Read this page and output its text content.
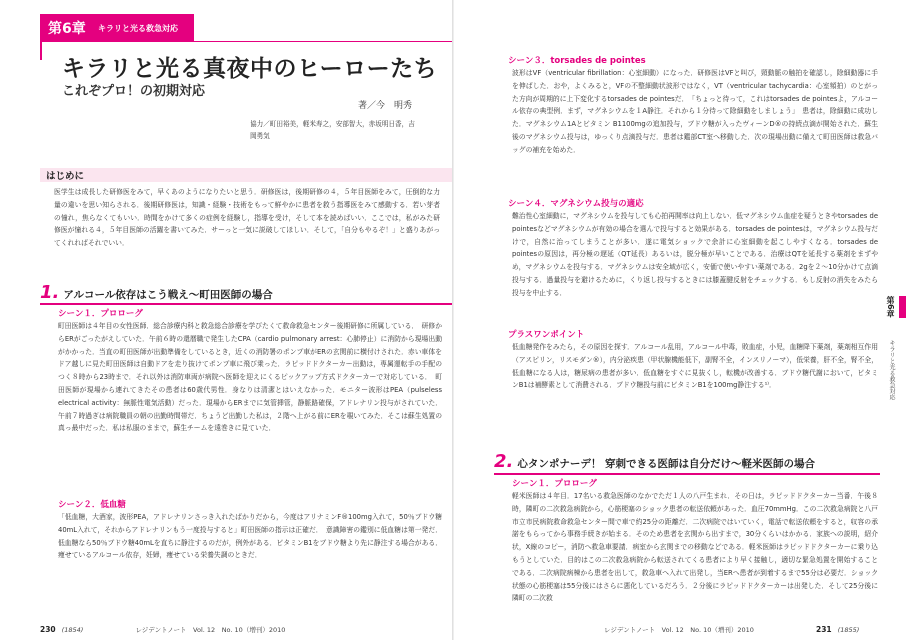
第6章	キラリと光る救急対応
キラリと光る真夜中のヒーローたち
これぞプロ！の初期対応
著／今　明秀
協力／町田裕美，軽米寿之，安部智大，赤坂明日香，吉岡勇気
はじめに

医学生は成長した研修医をみて，早くあのようになりたいと思う．研修医は，後期研修の４，５年目医師をみて，圧倒的な力量の違いを思い知らされる．後期研修医は，知識・経験・技術をもって鮮やかに患者を救う指導医をみて感動する．若い芽者の憧れ，焦らなくてもいい．時間をかけて多くの症例を経験し，指導を受け，そして本を読めばいい．ここでは，私がみた研修医が憧れる４，５年目医師の活躍を書いてみた．サーっと一気に説破してほしい．そして，「自分もやるぞ！」と盛りあがってくれればそれでいい．

1. アルコール依存はこう戦え～町田医師の場合
シーン１．プロローグ

町田医師は４年目の女性医師．総合診療内科と救急総合診療を学びたくて救命救急センター後期研修に所属している．　研修からERがごったがえしていた．午前６時の還暦職で発生したCPA（cardio pulmonary arrest：心肺停止）に消防から現場出動がかかった．当直の町田医師が出動準備をしているとき，近くの消防署のポンプ車がERの玄関前に横付けされた．赤い車体をドア越しに見た町田医師は自動ドアを走り抜けてポンプ車に飛び乗った．ラピッドドクターカー出動は，専属運転手の手配のつく８時から23時まで．それ以外は消防車両が病院へ医師を迎えにくるピックアップ方式ドクターカーで対応している．　町田医師が現場から連れてきたその患者は60歳代男性．身なりは清潔とはいえなかった．モニター波形はPEA（pulseless electrical activity：無脈性電気活動）だった．現場からERまでに気管挿管，静脈路確保，アドレナリン投与がされていた．午前７時過ぎは病院職員の朝の出勤時間帯だ．ちょうど出勤した私は，２階へ上がる前にERを覗いてみた．そこは蘇生処置の真っ最中だった．私は私服のままで，蘇生チームを遠巻きに見ていた．

シーン２．低血糖

「低血糖，大酒家，波形PEA，アドレナリンさっき入れたばかりだから，今度はアリナミンF®100mg入れて，50％ブドウ糖40mL入れて，それからアドレナリンもう一度投与すると」町田医師の指示は正確だ．　意識障害の鑑別に低血糖は第一発だ．低血糖なら50％ブドウ糖40mLを直ちに静注するのだが，例外がある．ビタミンB1をブドウ糖より先に静注する場合がある．痩せているアルコール依存，妊婦，痩せている栄養失調のときだ．

230 (1854)	レジデントノート　Vol. 12　No. 10（増刊）2010
シーン３．torsades de pointes

波形はVF（ventricular fibrillation：心室細動）になった．研修医はVFと叫び，頸動脈の触拍を確認し，除細動器に手を伸ばした．おや，よくみると，VFの不整細動状波形ではなく，VT（ventricular tachycardia：心室頻拍）のとがった方向が周期的に上下変化するtorsades de pointesだ．　「ちょっと待って，これはtorsades de pointesよ，アルコール依存の典型例．まず，マグネシウムを１A静注．それから１分待って除細動をしましょう」　患者は，除細動に成功した．マグネシウム1Aとビタミン B1100mgの追加投与，ブドウ糖が入ったヴィーンD®の持続点滴が開始された．蘇生後のマグネシウム投与は，ゆっくり点滴投与だ．患者は鑑部CT室へ移動した．次の現場出動に備えて町田医師は救急バッグの補充を始めた．

シーン４．マグネシウム投与の適応

難治性心室細動に，マグネシウムを投与しても心拍再開率は向上しない．低マグネシウム血症を疑うときやtorsades de pointesなどマグネシウムが有効の場合を選んで投与すると効果がある．torsades de pointesは，マグネシウム投与だけで，自然に治ってしまうことが多い．遂に電気ショックで余計に心室細動を起こしやすくなる．torsades de pointesの原因は，再分極の遅延（QT延長）あるいは，脱分極が早いことである．治療はQTを延長する薬剤をまずやめ，マグネシウムを投与する．マグネシウムは安全域が広く，安価で使いやすい薬剤である．2gを２～10分かけて点滴投与する．過量投与を避けるために，くり返し投与するときには膝蓋腱反射をチェックする．もし反射の消失をみたら投与を中止する．

プラスワンポイント

低血糖発作をみたら，その原因を探す．アルコール乱用，アルコール中毒，敗血症，小児，血糖降下薬剤，薬剤相互作用（アスピリン，リスモダン®），内分泌疾患（甲状腺機能低下，副腎不全，インスリノーマ），低栄養，肝不全，腎不全，低血糖になる人は，糖尿病の患者が多い．低血糖をすぐに見抜くし，転機が改善する．ブドウ糖代謝において，ビタミンB1は補酵素として消費される．ブドウ糖投与前にビタミンB1を100mg静注する¹⁾．

2. 心タンポナーデ！ 穿刺できる医師は自分だけ～軽米医師の場合
シーン１．プロローグ

軽米医師は４年目．17名いる救急医師のなかでただ１人の八戸生まれ．その日は，ラピッドドクターカー当番．午後８時，隣町の二次救急病院から，心筋梗塞のショック患者の転送依頼があった．血圧70mmHg．この二次救急病院と八戸市立市民病院救命救急センター間で車で約25分の距離だ．二次病院ではいていく，電話で転送依頼をすると，収容の承諾をもらってから事務手続きが始まる．そのため患者を玄関から出すまで，30分くらいはかかる．家族への説明，紹介状，X線のコピー，消防へ救急車要請．病室から玄関までの移動などである．軽米医師はラピッドドクターカーに乗り込もうとしていた．目的はこの二次救急病院から転送されてくる患者により早く接触し，適切な緊急処置を開始することである．二次病院病棟から患者を出して，救急車へ入れて出発し，当ERへ患者が到着するまで55分は必要だ．ショック状態の心筋梗塞は55分後にはさらに悪化しているだろう．２分後にラピッドドクターカーは出発した．そして25分後に隣町の二次救

レジデントノート　Vol. 12　No. 10（増刊）2010	231 (1855)
第6章
キラリと光る救急対応
